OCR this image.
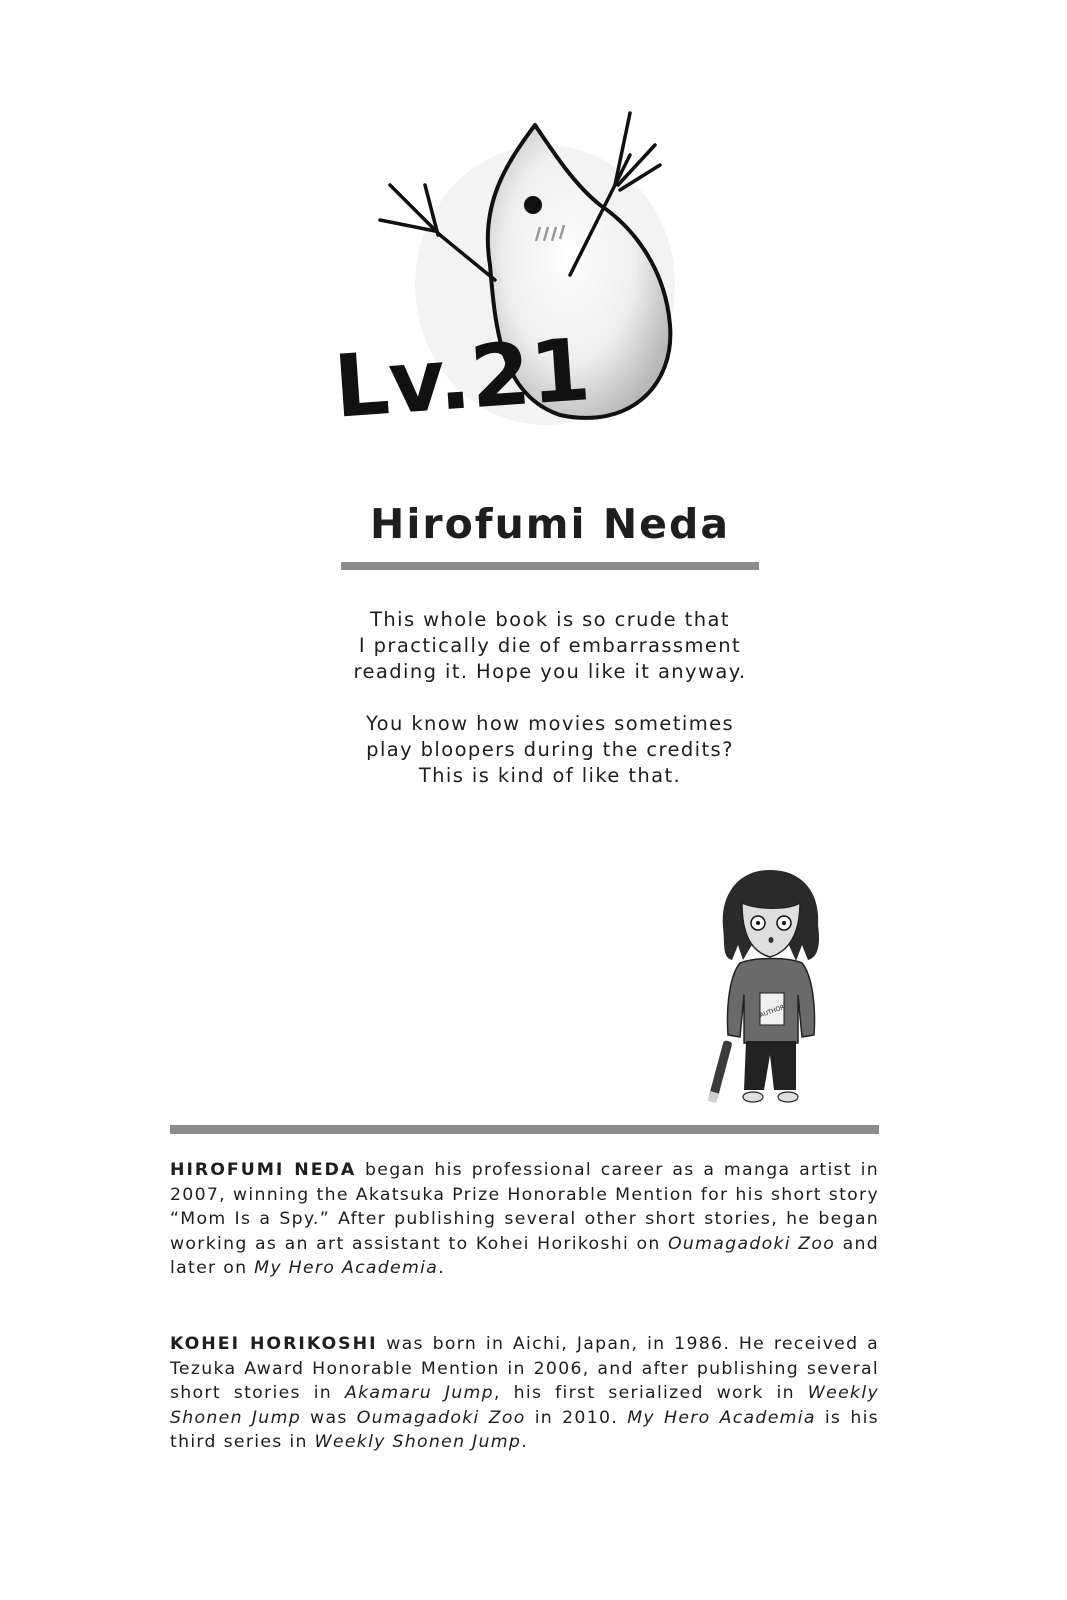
Lv.21
Hirofumi Neda

This whole book is so crude that
I practically die of embarrassment
reading it. Hope you like it anyway.

You know how movies sometimes
play bloopers during the credits?
This is kind of like that.

AUTHOR
HIROFUMI NEDA began his professional career as a manga artist in 2007, winning the Akatsuka Prize Honorable Mention for his short story “Mom Is a Spy.” After publishing several other short stories, he began working as an art assistant to Kohei Horikoshi on Oumagadoki Zoo and later on My Hero Academia.
KOHEI HORIKOSHI was born in Aichi, Japan, in 1986. He received a Tezuka Award Honorable Mention in 2006, and after publishing several short stories in Akamaru Jump, his first serialized work in Weekly Shonen Jump was Oumagadoki Zoo in 2010. My Hero Academia is his third series in Weekly Shonen Jump.
